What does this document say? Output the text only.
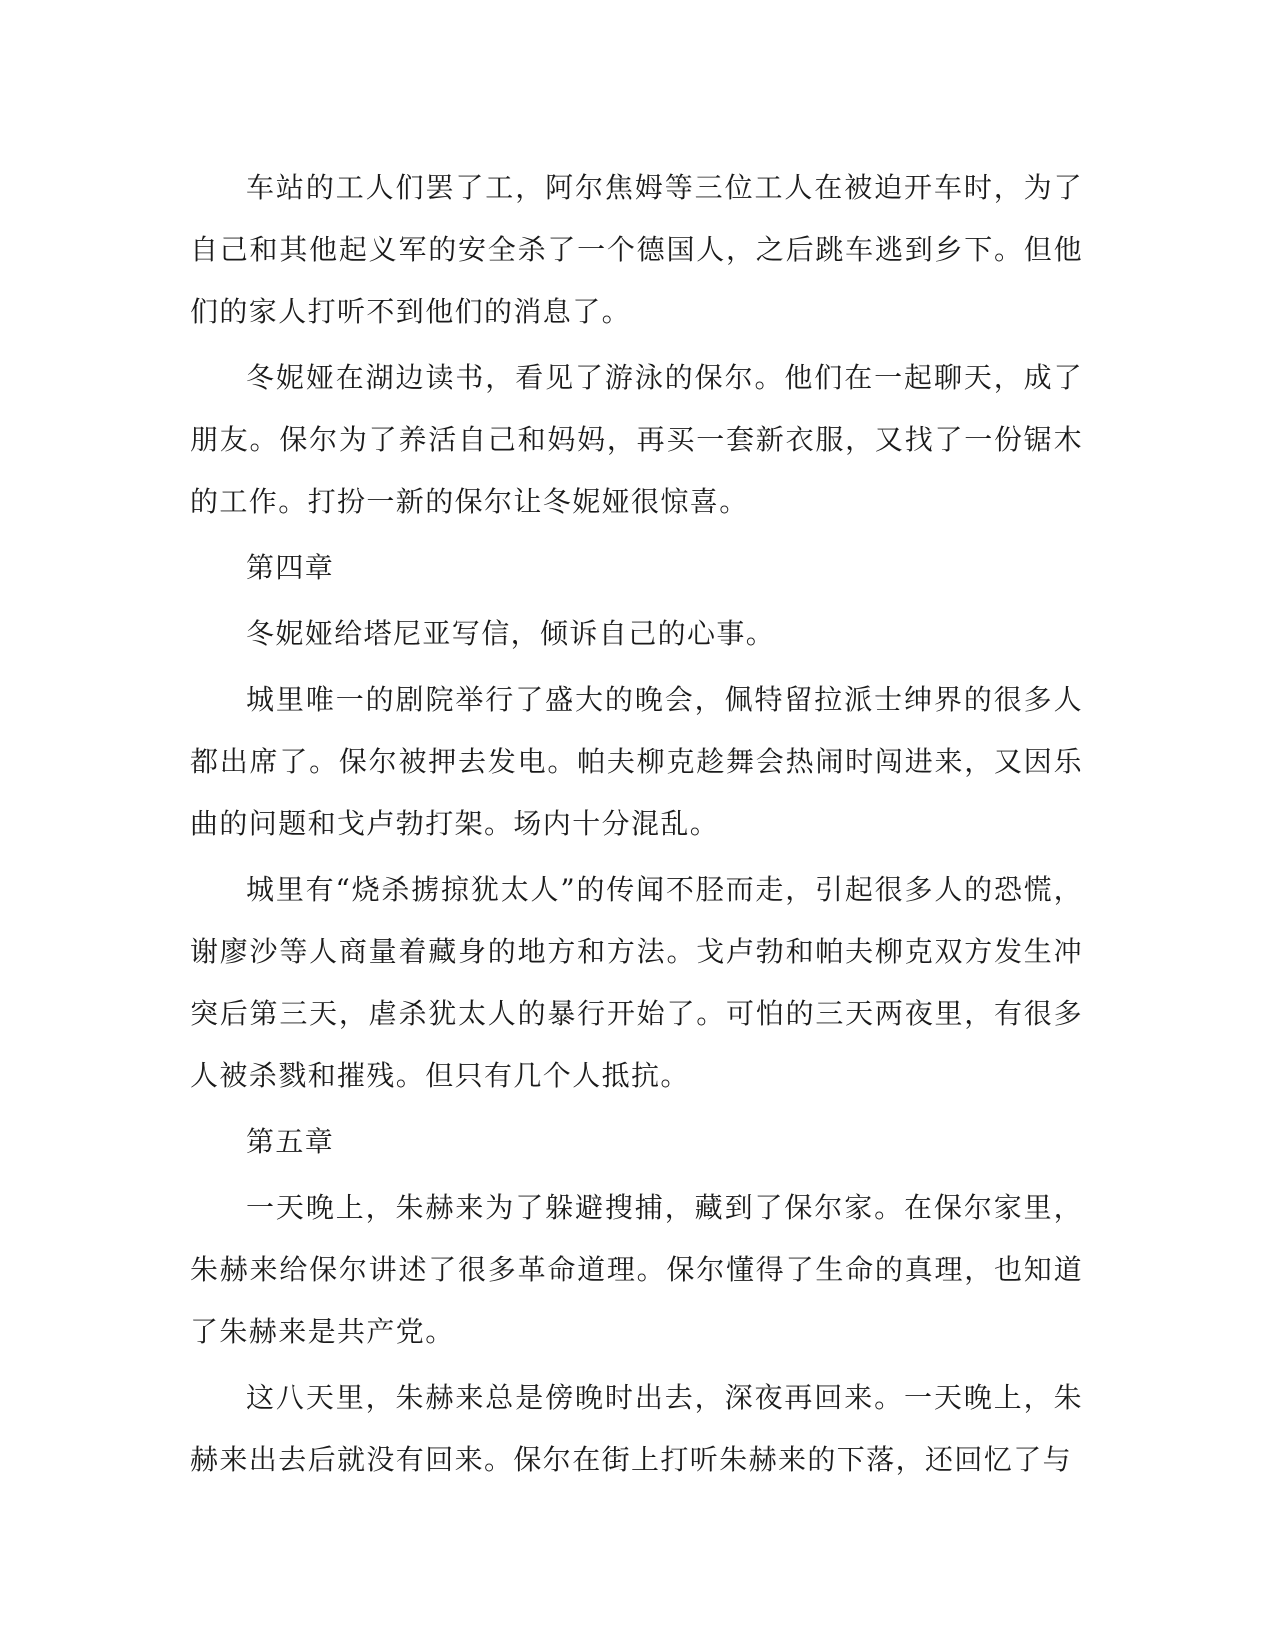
车站的工人们罢了工，阿尔焦姆等三位工人在被迫开车时，为了自己和其他起义军的安全杀了一个德国人，之后跳车逃到乡下。但他们的家人打听不到他们的消息了。

冬妮娅在湖边读书，看见了游泳的保尔。他们在一起聊天，成了朋友。保尔为了养活自己和妈妈，再买一套新衣服，又找了一份锯木的工作。打扮一新的保尔让冬妮娅很惊喜。

第四章

冬妮娅给塔尼亚写信，倾诉自己的心事。

城里唯一的剧院举行了盛大的晚会，佩特留拉派士绅界的很多人都出席了。保尔被押去发电。帕夫柳克趁舞会热闹时闯进来，又因乐曲的问题和戈卢勃打架。场内十分混乱。

城里有“烧杀掳掠犹太人”的传闻不胫而走，引起很多人的恐慌，谢廖沙等人商量着藏身的地方和方法。戈卢勃和帕夫柳克双方发生冲突后第三天，虐杀犹太人的暴行开始了。可怕的三天两夜里，有很多人被杀戮和摧残。但只有几个人抵抗。

第五章

一天晚上，朱赫来为了躲避搜捕，藏到了保尔家。在保尔家里，朱赫来给保尔讲述了很多革命道理。保尔懂得了生命的真理，也知道了朱赫来是共产党。

这八天里，朱赫来总是傍晚时出去，深夜再回来。一天晚上，朱赫来出去后就没有回来。保尔在街上打听朱赫来的下落，还回忆了与
